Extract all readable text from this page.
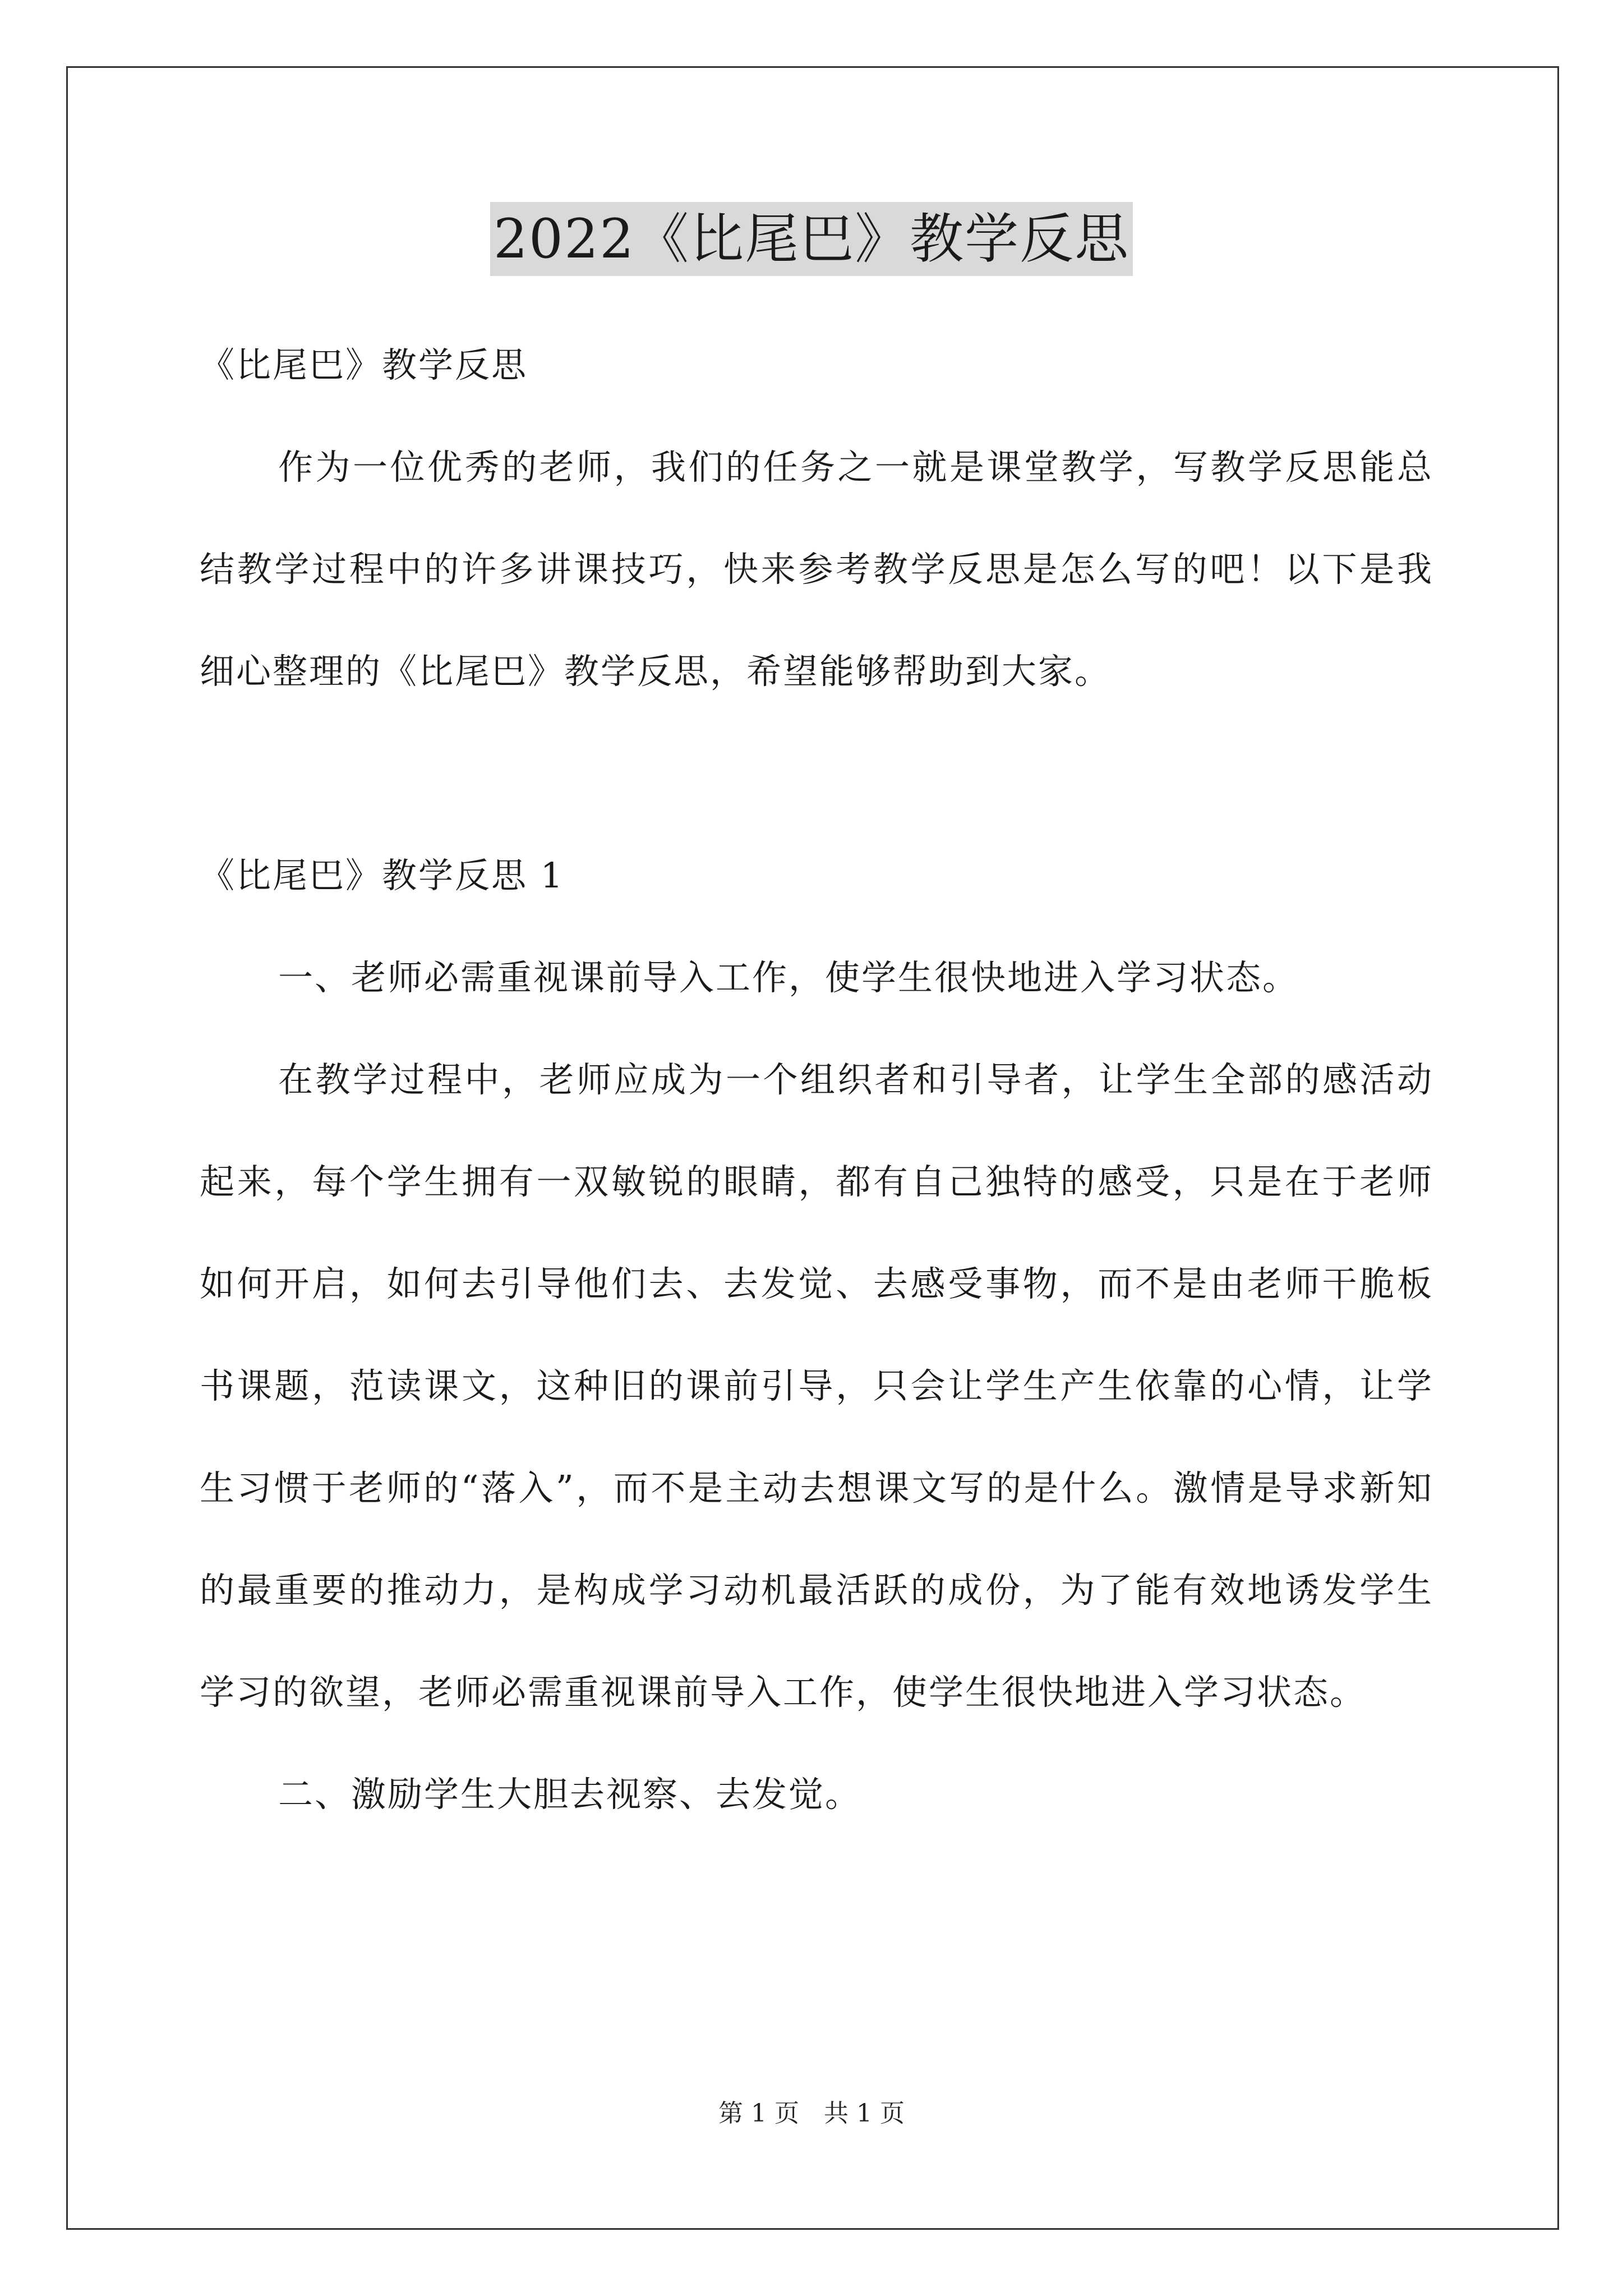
2022《比尾巴》教学反思

《比尾巴》教学反思

作为一位优秀的老师，我们的任务之一就是课堂教学，写教学反思能总结教学过程中的许多讲课技巧，快来参考教学反思是怎么写的吧！以下是我细心整理的《比尾巴》教学反思，希望能够帮助到大家。

《比尾巴》教学反思 1

一、老师必需重视课前导入工作，使学生很快地进入学习状态。

在教学过程中，老师应成为一个组织者和引导者，让学生全部的感活动起来，每个学生拥有一双敏锐的眼睛，都有自己独特的感受，只是在于老师如何开启，如何去引导他们去、去发觉、去感受事物，而不是由老师干脆板书课题，范读课文，这种旧的课前引导，只会让学生产生依靠的心情，让学生习惯于老师的“落入”，而不是主动去想课文写的是什么。激情是导求新知的最重要的推动力，是构成学习动机最活跃的成份，为了能有效地诱发学生学习的欲望，老师必需重视课前导入工作，使学生很快地进入学习状态。

二、激励学生大胆去视察、去发觉。

第 1 页　共 1 页
